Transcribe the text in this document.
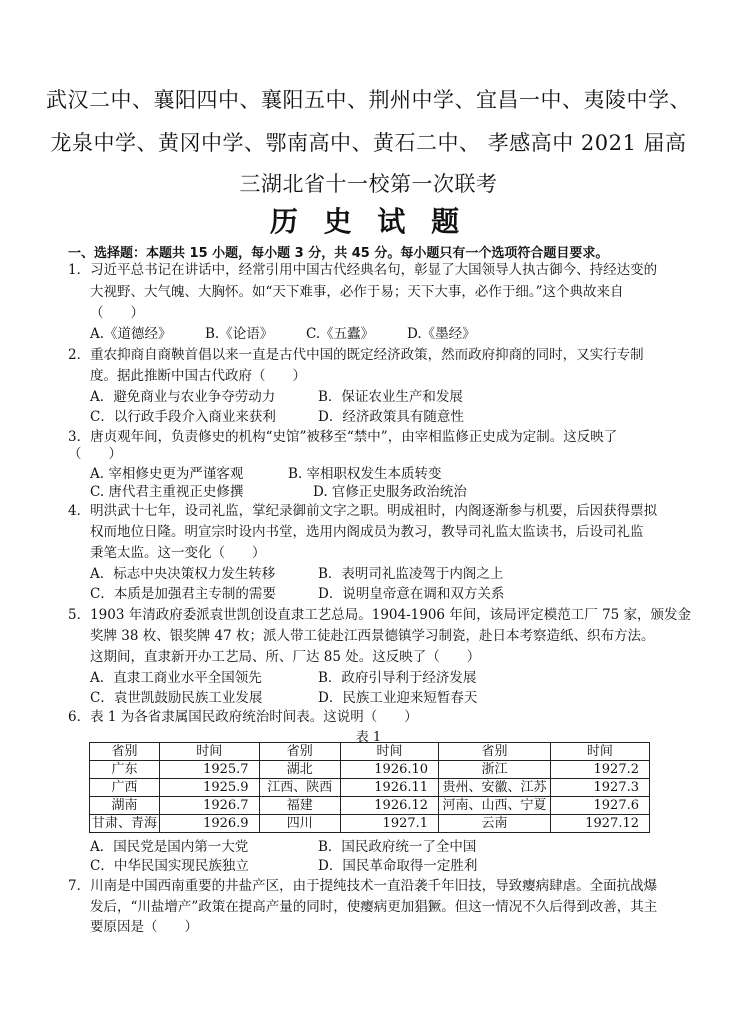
武汉二中、襄阳四中、襄阳五中、荆州中学、宜昌一中、夷陵中学、
龙泉中学、黄冈中学、鄂南高中、黄石二中、 孝感高中 2021 届高
三湖北省十一校第一次联考
历 史 试 题
一、选择题：本题共 15 小题，每小题 3 分，共 45 分。每小题只有一个选项符合题目要求。
1．习近平总书记在讲话中，经常引用中国古代经典名句，彰显了大国领导人执古御今、持经达变的
大视野、大气魄、大胸怀。如“天下难事，必作于易；天下大事，必作于细。”这个典故来自
（　　）
A.《道德经》 B.《论语》 C.《五蠹》 D.《墨经》
2．重农抑商自商鞅首倡以来一直是古代中国的既定经济政策，然而政府抑商的同时，又实行专制
度。据此推断中国古代政府（　　）
A．避免商业与农业争夺劳动力	B．保证农业生产和发展
C．以行政手段介入商业来获利	D．经济政策具有随意性
3．唐贞观年间，负责修史的机构“史馆”被移至“禁中”，由宰相监修正史成为定制。这反映了
（　　）
A. 宰相修史更为严谨客观	B. 宰相职权发生本质转变
C. 唐代君主重视正史修撰	D. 官修正史服务政治统治
4．明洪武十七年，设司礼监，掌纪录御前文字之职。明成祖时，内阁逐渐参与机要，后因获得票拟
权而地位日隆。明宣宗时设内书堂，选用内阁成员为教习，教导司礼监太监读书，后设司礼监
秉笔太监。这一变化（　　）
A．标志中央决策权力发生转移	B．表明司礼监凌驾于内阁之上
C．本质是加强君主专制的需要	D．说明皇帝意在调和双方关系
5．1903 年清政府委派袁世凯创设直隶工艺总局。1904-1906 年间，该局评定模范工厂 75 家，颁发金
奖牌 38 枚、银奖牌 47 枚；派人带工徒赴江西景德镇学习制瓷，赴日本考察造纸、织布方法。
这期间，直隶新开办工艺局、所、厂达 85 处。这反映了（　　）
A．直隶工商业水平全国领先	B．政府引导利于经济发展
C．袁世凯鼓励民族工业发展	D．民族工业迎来短暂春天
6．表 1 为各省隶属国民政府统治时间表。这说明（　　）
表 1
省别	时间	省别	时间	省别	时间
广东	1925.7	湖北	1926.10	浙江	1927.2
广西	1925.9	江西、陕西	1926.11	贵州、安徽、江苏	1927.3
湖南	1926.7	福建	1926.12	河南、山西、宁夏	1927.6
甘肃、青海	1926.9	四川	1927.1	云南	1927.12
A．国民党是国内第一大党	B．国民政府统一了全中国
C．中华民国实现民族独立	D．国民革命取得一定胜利
7．川南是中国西南重要的井盐产区，由于提纯技术一直沿袭千年旧技，导致瘿病肆虐。全面抗战爆
发后，“川盐增产”政策在提高产量的同时，使瘿病更加猖獗。但这一情况不久后得到改善，其主
要原因是（　　）
